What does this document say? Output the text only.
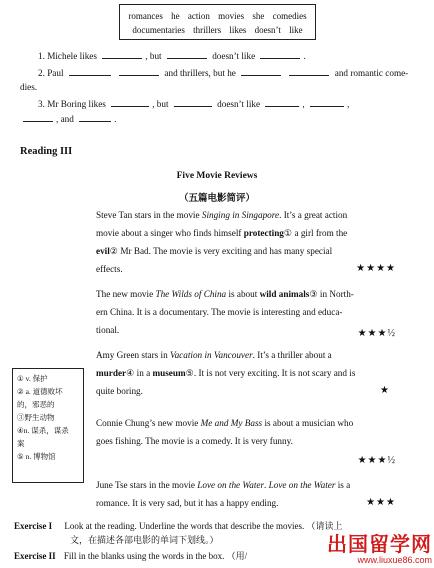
romances he action movies she comedies
documentaries thrillers likes doesn’t like
1. Michele likes	, but	doesn’t like	.
2. Paul	and thrillers, but he	and romantic come-
dies.
3. Mr Boring likes	, but	doesn’t like	,	,
, and	.
Reading III
Five Movie Reviews
（五篇电影简评）
Steve Tan stars in the movie Singing in Singapore. It’s a great action
movie about a singer who finds himself protecting① a girl from the
evil② Mr Bad. The movie is very exciting and has many special
effects.	★★★★
The new movie The Wilds of China is about wild animals③ in North-
ern China. It is a documentary. The movie is interesting and educa-
tional.	★★★½
Amy Green stars in Vacation in Vancouver. It’s a thriller about a
murder④ in a museum⑤. It is not very exciting. It is not scary and is
quite boring.	★
① v. 保护
② a. 道德败坏
的，邪恶的
③野生动物
④n. 谋杀，谋杀
案
⑤ n. 博物馆
Connie Chung’s new movie Me and My Bass is about a musician who
goes fishing. The movie is a comedy. It is very funny.
★★★½
June Tse stars in the movie Love on the Water. Love on the Water is a
romance. It is very sad, but it has a happy ending.	★★★
Exercise I Look at the reading. Underline the words that describe the movies. （请读上
文，在描述各部电影的单词下划线。）
Exercise II Fill in the blanks using the words in the box. （用/	出国留学网
www.liuxue86.com
